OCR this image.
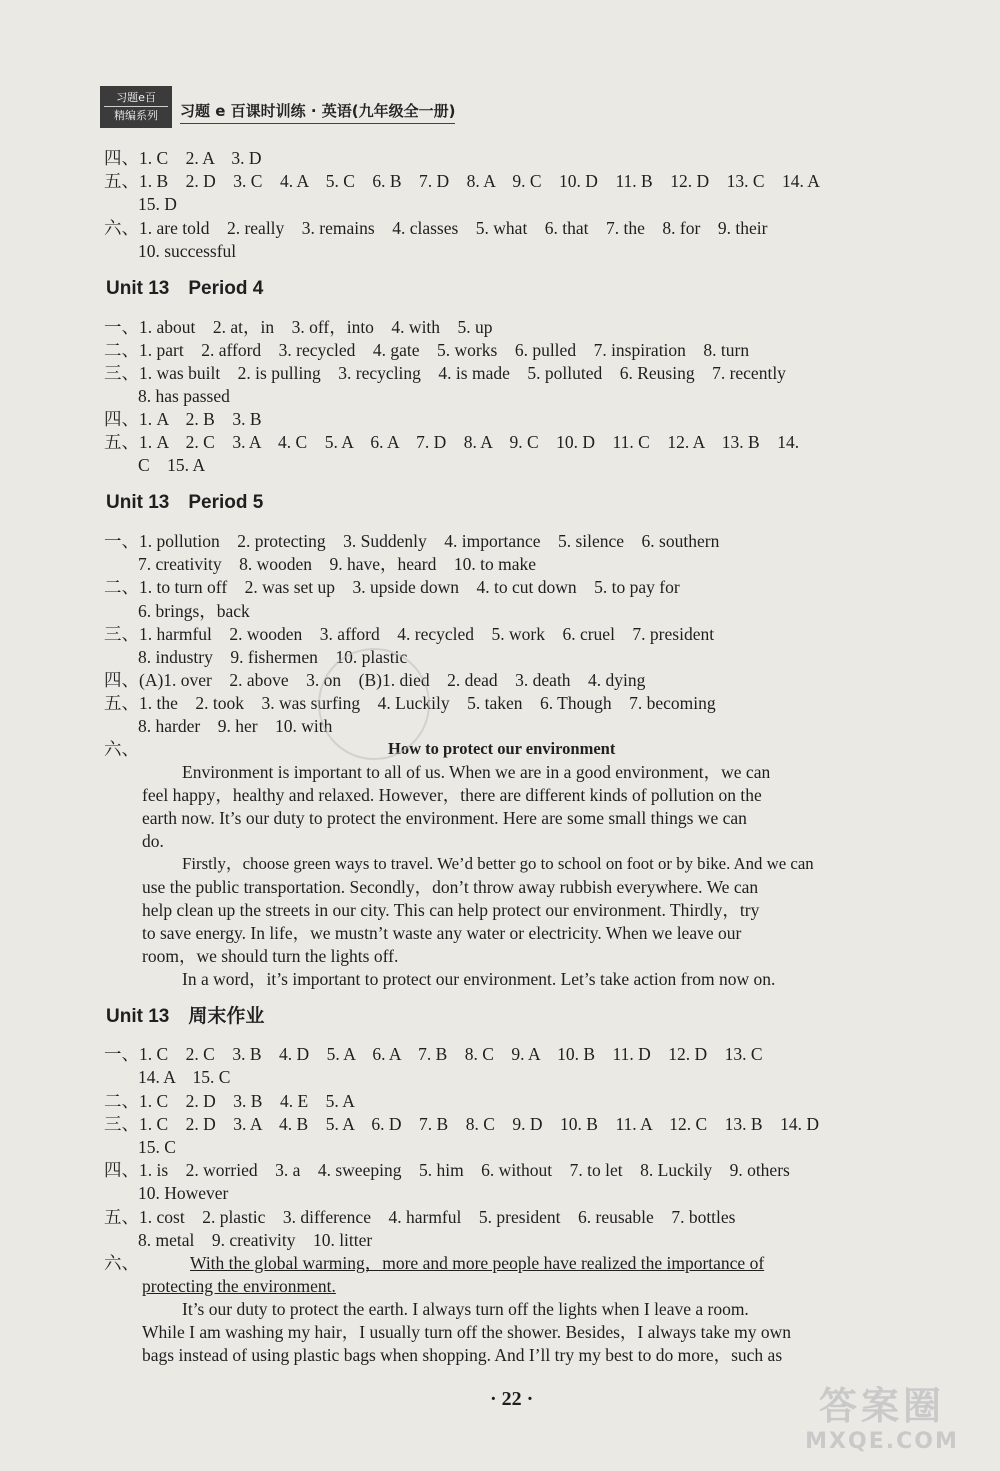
习题e百
精编系列	习题 e 百课时训练 · 英语(九年级全一册)
四、1. C　2. A　3. D
五、1. B　2. D　3. C　4. A　5. C　6. B　7. D　8. A　9. C　10. D　11. B　12. D　13. C　14. A
15. D
六、1. are told　2. really　3. remains　4. classes　5. what　6. that　7. the　8. for　9. their
10. successful
Unit 13　Period 4
一、1. about　2. at，in　3. off，into　4. with　5. up
二、1. part　2. afford　3. recycled　4. gate　5. works　6. pulled　7. inspiration　8. turn
三、1. was built　2. is pulling　3. recycling　4. is made　5. polluted　6. Reusing　7. recently
8. has passed
四、1. A　2. B　3. B
五、1. A　2. C　3. A　4. C　5. A　6. A　7. D　8. A　9. C　10. D　11. C　12. A　13. B　14.
C　15. A
Unit 13　Period 5
一、1. pollution　2. protecting　3. Suddenly　4. importance　5. silence　6. southern
7. creativity　8. wooden　9. have，heard　10. to make
二、1. to turn off　2. was set up　3. upside down　4. to cut down　5. to pay for
6. brings，back
三、1. harmful　2. wooden　3. afford　4. recycled　5. work　6. cruel　7. president
8. industry　9. fishermen　10. plastic
四、(A)1. over　2. above　3. on　(B)1. died　2. dead　3. death　4. dying
五、1. the　2. took　3. was surfing　4. Luckily　5. taken　6. Though　7. becoming
8. harder　9. her　10. with
六、	How to protect our environment
Environment is important to all of us. When we are in a good environment，we can
feel happy，healthy and relaxed. However，there are different kinds of pollution on the
earth now. It’s our duty to protect the environment. Here are some small things we can
do.
Firstly，choose green ways to travel. We’d better go to school on foot or by bike. And we can
use the public transportation. Secondly，don’t throw away rubbish everywhere. We can
help clean up the streets in our city. This can help protect our environment. Thirdly，try
to save energy. In life，we mustn’t waste any water or electricity. When we leave our
room，we should turn the lights off.
In a word，it’s important to protect our environment. Let’s take action from now on.
Unit 13　周末作业
一、1. C　2. C　3. B　4. D　5. A　6. A　7. B　8. C　9. A　10. B　11. D　12. D　13. C
14. A　15. C
二、1. C　2. D　3. B　4. E　5. A
三、1. C　2. D　3. A　4. B　5. A　6. D　7. B　8. C　9. D　10. B　11. A　12. C　13. B　14. D
15. C
四、1. is　2. worried　3. a　4. sweeping　5. him　6. without　7. to let　8. Luckily　9. others
10. However
五、1. cost　2. plastic　3. difference　4. harmful　5. president　6. reusable　7. bottles
8. metal　9. creativity　10. litter
六、	With the global warming，more and more people have realized the importance of
protecting the environment.
It’s our duty to protect the earth. I always turn off the lights when I leave a room.
While I am washing my hair，I usually turn off the shower. Besides，I always take my own
bags instead of using plastic bags when shopping. And I’ll try my best to do more，such as
· 22 ·	答案圈
MXQE.COM
